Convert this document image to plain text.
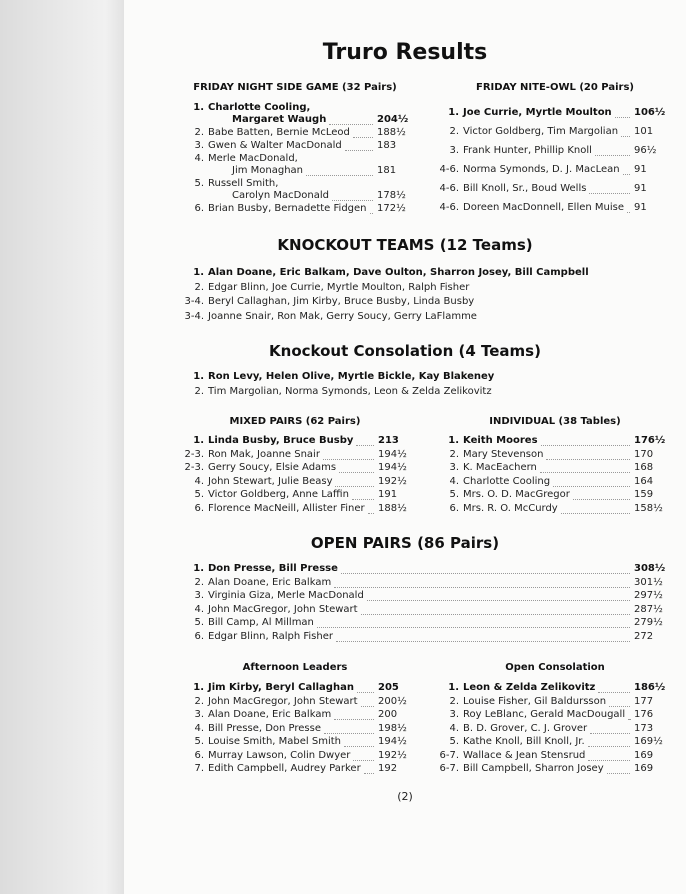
Truro Results
FRIDAY NIGHT SIDE GAME (32 Pairs)
1. Charlotte Cooling,
Margaret Waugh	204½
2. Babe Batten, Bernie McLeod	188½
3. Gwen & Walter MacDonald	183
4. Merle MacDonald,
Jim Monaghan	181
5. Russell Smith,
Carolyn MacDonald	178½
6. Brian Busby, Bernadette Fidgen 172½
FRIDAY NITE-OWL (20 Pairs)
1. Joe Currie, Myrtle Moulton 106½
2. Victor Goldberg, Tim Margolian 101
3. Frank Hunter, Phillip Knoll	96½
4-6. Norma Symonds, D. J. MacLean 91
4-6. Bill Knoll, Sr., Boud Wells	91
4-6. Doreen MacDonnell, Ellen Muise 91
KNOCKOUT TEAMS (12 Teams)
1. Alan Doane, Eric Balkam, Dave Oulton, Sharron Josey, Bill Campbell
2. Edgar Blinn, Joe Currie, Myrtle Moulton, Ralph Fisher
3-4. Beryl Callaghan, Jim Kirby, Bruce Busby, Linda Busby
3-4. Joanne Snair, Ron Mak, Gerry Soucy, Gerry LaFlamme
Knockout Consolation (4 Teams)
1. Ron Levy, Helen Olive, Myrtle Bickle, Kay Blakeney
2. Tim Margolian, Norma Symonds, Leon & Zelda Zelikovitz
MIXED PAIRS (62 Pairs)
1. Linda Busby, Bruce Busby 213
2-3. Ron Mak, Joanne Snair	194½
2-3. Gerry Soucy, Elsie Adams	194½
4. John Stewart, Julie Beasy	192½
5. Victor Goldberg, Anne Laffin	191
6. Florence MacNeill, Allister Finer 188½
INDIVIDUAL (38 Tables)
1. Keith Moores	176½
2. Mary Stevenson	170
3. K. MacEachern	168
4. Charlotte Cooling	164
5. Mrs. O. D. MacGregor	159
6. Mrs. R. O. McCurdy	158½
OPEN PAIRS (86 Pairs)
1. Don Presse, Bill Presse	308½
2. Alan Doane, Eric Balkam	301½
3. Virginia Giza, Merle MacDonald	297½
4. John MacGregor, John Stewart	287½
5. Bill Camp, Al Millman	279½
6. Edgar Blinn, Ralph Fisher	272
Afternoon Leaders
1. Jim Kirby, Beryl Callaghan 205
2. John MacGregor, John Stewart 200½
3. Alan Doane, Eric Balkam	200
4. Bill Presse, Don Presse	198½
5. Louise Smith, Mabel Smith	194½
6. Murray Lawson, Colin Dwyer	192½
7. Edith Campbell, Audrey Parker 192
Open Consolation
1. Leon & Zelda Zelikovitz	186½
2. Louise Fisher, Gil Baldursson	177
3. Roy LeBlanc, Gerald MacDougall 176
4. B. D. Grover, C. J. Grover	173
5. Kathe Knoll, Bill Knoll, Jr.	169½
6-7. Wallace & Jean Stensrud	169
6-7. Bill Campbell, Sharron Josey	169
(2)
